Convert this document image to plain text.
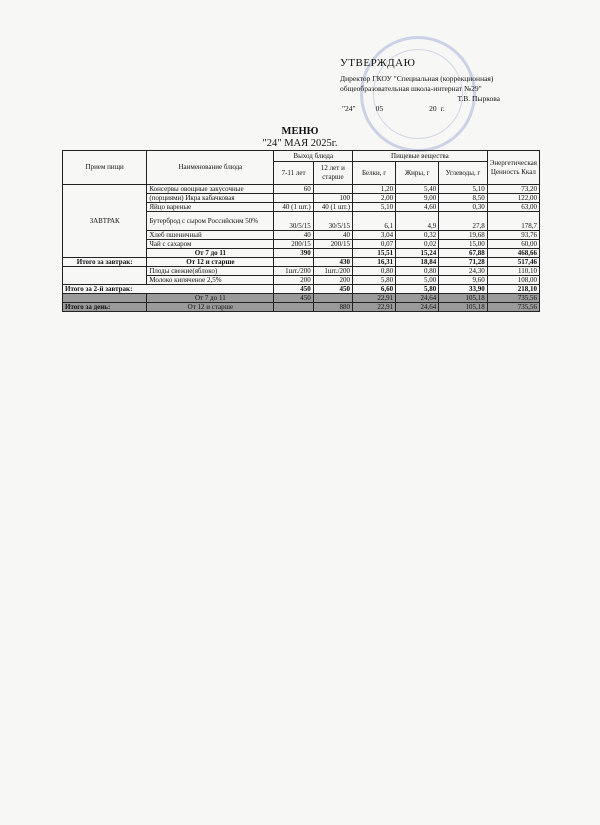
УТВЕРЖДАЮ
Директор ГКОУ "Специальная (коррекционная)
общеобразовательная школа-интернат №29"
Т.В. Пыркова
"24"	05	20 г.
МЕНЮ
"24" МАЯ 2025г.
Прием пищи	Наименование блюда	Выход блюда		Пищевые вещества			Энергетическая Ценность Ккал
		7-11 лет	12 лет и старше	Белки, г	Жиры, г	Углеводы, г	
ЗАВТРАК	Консервы овощные закусочные	60		1,20	5,40	5,10	73,20
	(порциями) Икра кабачковая		100	2,00	9,00	8,50	122,00
	Яйцо вареные	40 (1 шт.)	40 (1 шт.)	5,10	4,60	0,30	63,00
	Бутерброд с сыром Российским 50%	30/5/15	30/5/15	6,1	4,9	27,8	178,7
	Хлеб пшеничный	40	40	3,04	0,32	19,68	93,76
	Чай с сахаром	200/15	200/15	0,07	0,02	15,00	60,00
	От 7 до 11	390		15,51	15,24	67,88	468,66
Итого за завтрак:	От 12 и старше		430	16,31	18,84	71,28	517,46
	Плоды свежие(яблоко)	1шт./200	1шт./200	0,80	0,80	24,30	110,10
	Молоко кипяченое 2,5%	200	200	5,80	5,00	9,60	108,00
Итого за 2-й завтрак:		450	450	6,60	5,80	33,90	218,10
	От 7 до 11	450		22,91	24,64	105,18	735,56
Итого за день:	От 12 и старше		880	22,91	24,64	105,18	735,56
